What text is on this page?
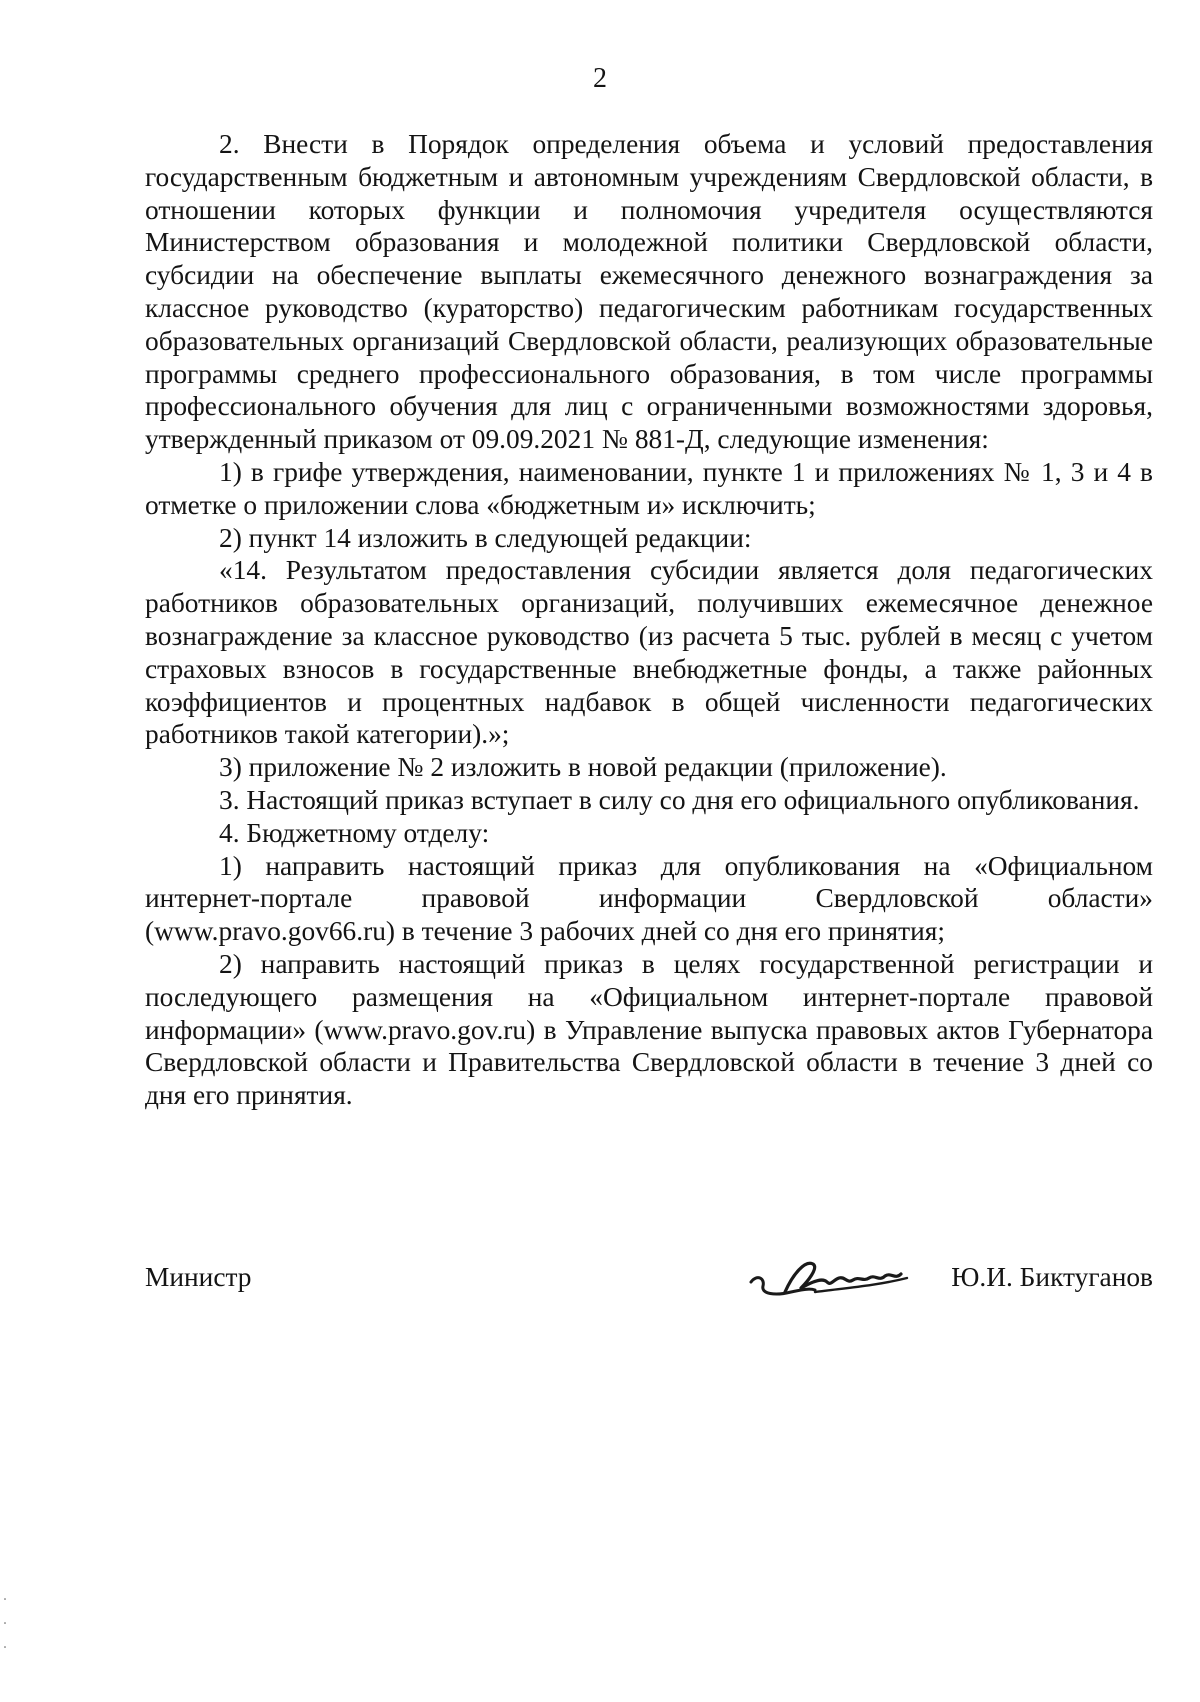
2

2. Внести в Порядок определения объема и условий предоставления государственным бюджетным и автономным учреждениям Свердловской области, в отношении которых функции и полномочия учредителя осуществляются Министерством образования и молодежной политики Свердловской области, субсидии на обеспечение выплаты ежемесячного денежного вознаграждения за классное руководство (кураторство) педагогическим работникам государственных образовательных организаций Свердловской области, реализующих образовательные программы среднего профессионального образования, в том числе программы профессионального обучения для лиц с ограниченными возможностями здоровья, утвержденный приказом от 09.09.2021 № 881-Д, следующие изменения:

1) в грифе утверждения, наименовании, пункте 1 и приложениях № 1, 3 и 4 в отметке о приложении слова «бюджетным и» исключить;

2) пункт 14 изложить в следующей редакции:

«14. Результатом предоставления субсидии является доля педагогических работников образовательных организаций, получивших ежемесячное денежное вознаграждение за классное руководство (из расчета 5 тыс. рублей в месяц с учетом страховых взносов в государственные внебюджетные фонды, а также районных коэффициентов и процентных надбавок в общей численности педагогических работников такой категории).»;

3) приложение № 2 изложить в новой редакции (приложение).

3. Настоящий приказ вступает в силу со дня его официального опубликования.

4. Бюджетному отделу:

1) направить настоящий приказ для опубликования на «Официальном интернет-портале правовой информации Свердловской области» (www.pravo.gov66.ru) в течение 3 рабочих дней со дня его принятия;

2) направить настоящий приказ в целях государственной регистрации и последующего размещения на «Официальном интернет-портале правовой информации» (www.pravo.gov.ru) в Управление выпуска правовых актов Губернатора Свердловской области и Правительства Свердловской области в течение 3 дней со дня его принятия.

Министр	Ю.И. Биктуганов
